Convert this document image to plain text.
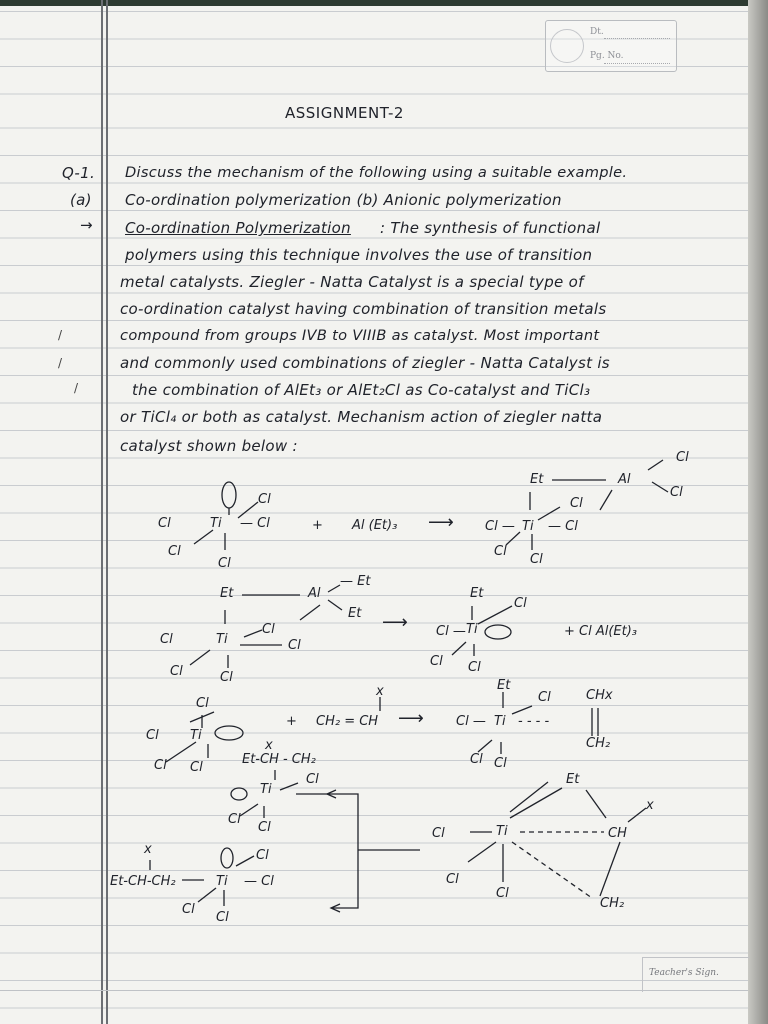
Dt.
Pg. No.
ASSIGNMENT-2
Q-1.
(a)
→
Discuss the mechanism of the following using a suitable example.
Co-ordination polymerization (b) Anionic polymerization
Co-ordination Polymerization : The synthesis of functional
polymers using this technique involves the use of transition
metal catalysts. Ziegler - Natta Catalyst is a special type of
co-ordination catalyst having combination of transition metals
compound from groups IVB to VIIIB as catalyst. Most important
and commonly used combinations of ziegler - Natta Catalyst is
the combination of AlEt₃ or AlEt₂Cl as Co-catalyst and TiCl₃
or TiCl₄ or both as catalyst. Mechanism action of ziegler natta
catalyst shown below :
/
/
/
Cl	Ti — Cl
Cl
Cl
Cl
+ Al (Et)₃ ⟶ Cl — Ti — Cl
Et	Al
Cl
Cl
Cl
Cl
Cl
Et	Al
— Et
Et
Cl	Ti
Cl
Cl
Cl	Cl
⟶
Et
Cl — Ti
Cl
Cl Cl
+ Cl Al(Et)₃
Cl
Cl Ti
Cl Cl
+ CH₂ = CH
x
⟶
Et
Cl — Ti - - - -
Cl
Cl Cl
CHx
CH₂
Et-CH - CH₂
x
Ti
Cl
Cl
Cl
Et
x
Cl	Ti	CH
Cl
Cl
CH₂
x
Et-CH-CH₂	Ti — Cl
Cl
Cl
Cl
Teacher's Sign.
